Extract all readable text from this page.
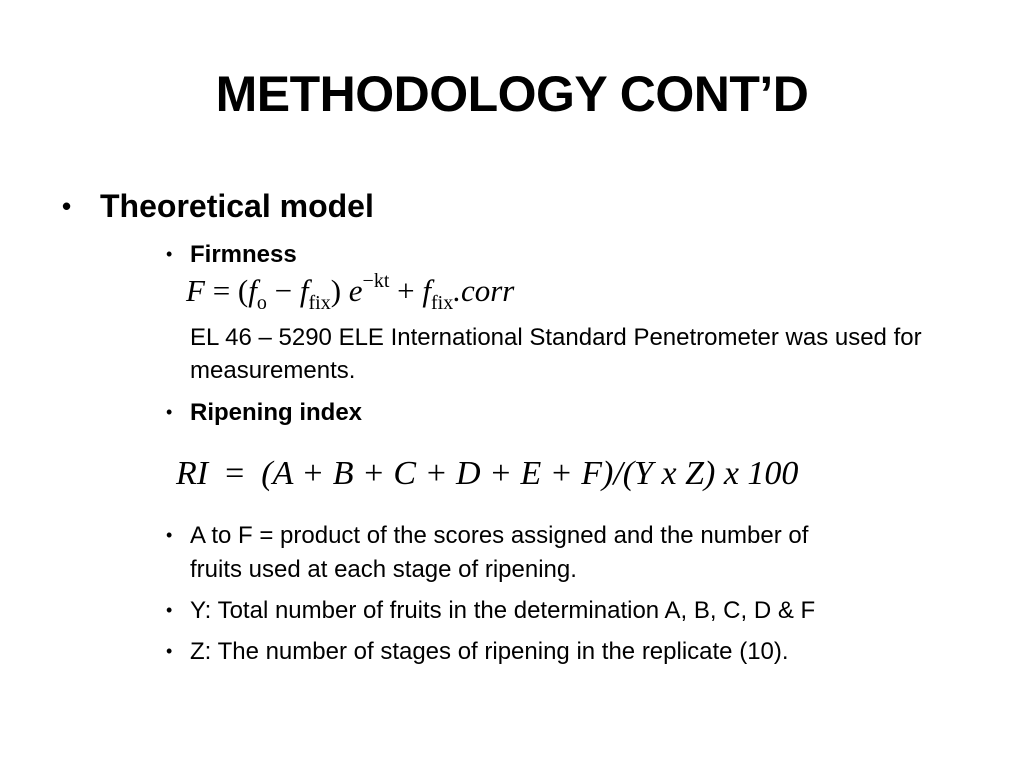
METHODOLOGY CONT’D
• Theoretical model
• Firmness
$F = (f_o - f_{fix}) e^{-kt}$ + $f_{fix}.corr$
EL 46 – 5290 ELE International Standard Penetrometer was used for measurements.
• Ripening index
RI  =  (A + B + C + D + E + F)/(Y x Z) x 100
• A to F = product of the scores assigned and the number of
fruits used at each stage of ripening.
• Y: Total number of fruits in the determination A, B, C, D & F
• Z: The number of stages of ripening in the replicate (10).
